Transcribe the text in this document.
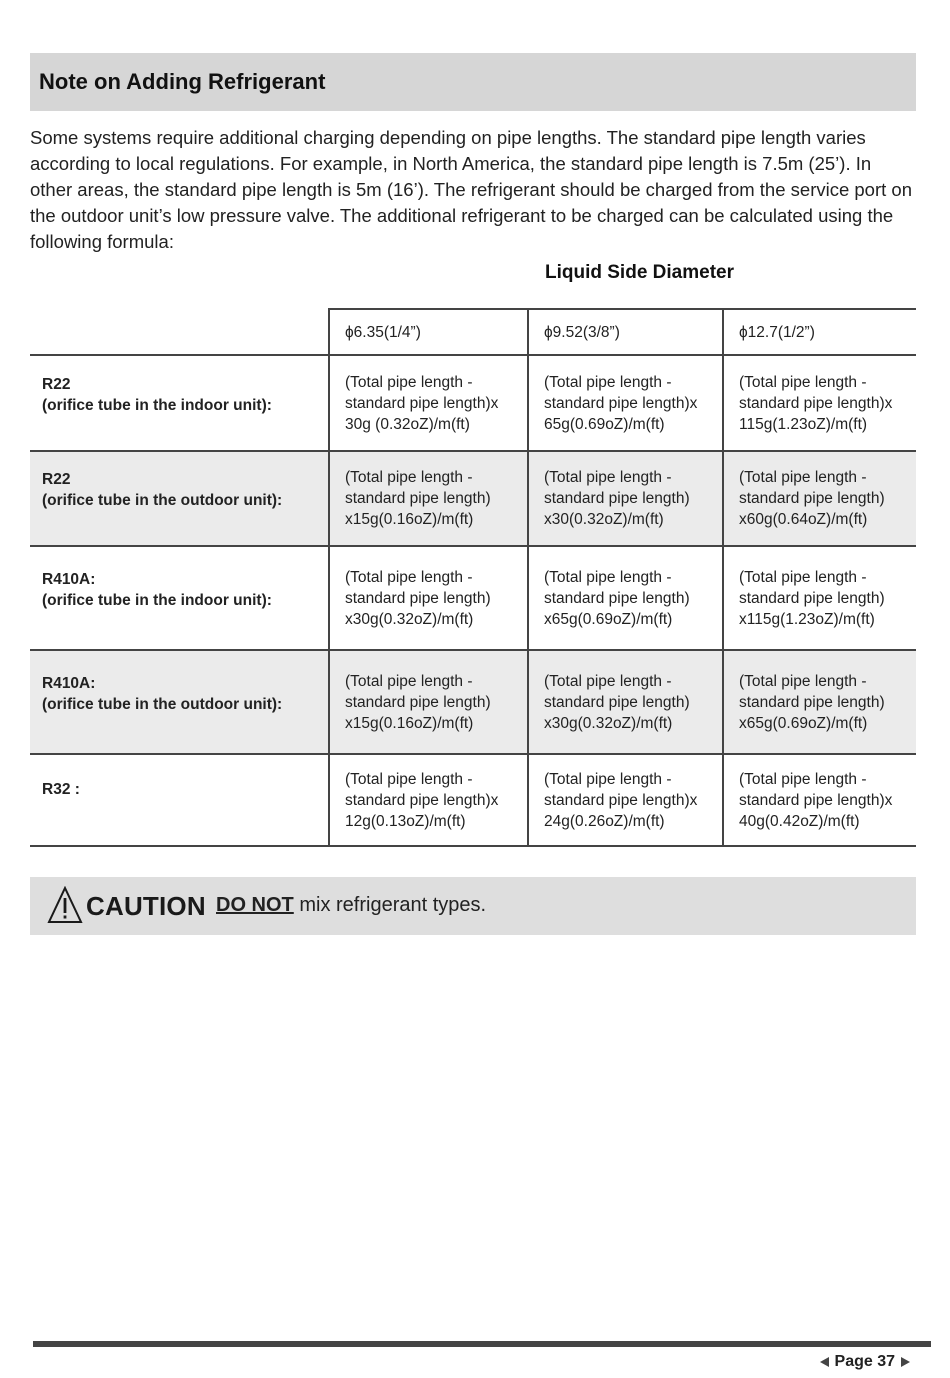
Note on Adding Refrigerant

Some systems require additional charging depending on pipe lengths. The standard pipe length varies according to local regulations. For example, in North America, the standard pipe length is 7.5m (25’). In other areas, the standard pipe length is 5m (16’). The refrigerant should be charged from the service port on the outdoor unit’s low pressure valve. The additional refrigerant to be charged can be calculated using the following formula:

Liquid Side Diameter
	ϕ6.35(1/4”)	ϕ9.52(3/8”)	ϕ12.7(1/2”)

R22
(orifice tube in the indoor unit):	(Total pipe length -
standard pipe length)x
30g (0.32oZ)/m(ft)	(Total pipe length -
standard pipe length)x
65g(0.69oZ)/m(ft)	(Total pipe length -
standard pipe length)x
115g(1.23oZ)/m(ft)

R22
(orifice tube in the outdoor unit):	(Total pipe length -
standard pipe length)
x15g(0.16oZ)/m(ft)	(Total pipe length -
standard pipe length)
x30(0.32oZ)/m(ft)	(Total pipe length -
standard pipe length)
x60g(0.64oZ)/m(ft)

R410A:
(orifice tube in the indoor unit):	(Total pipe length -
standard pipe length)
x30g(0.32oZ)/m(ft)	(Total pipe length -
standard pipe length)
x65g(0.69oZ)/m(ft)	(Total pipe length -
standard pipe length)
x115g(1.23oZ)/m(ft)

R410A:
(orifice tube in the outdoor unit):	(Total pipe length -
standard pipe length)
x15g(0.16oZ)/m(ft)	(Total pipe length -
standard pipe length)
x30g(0.32oZ)/m(ft)	(Total pipe length -
standard pipe length)
x65g(0.69oZ)/m(ft)

R32 :	(Total pipe length -
standard pipe length)x
12g(0.13oZ)/m(ft)	(Total pipe length -
standard pipe length)x
24g(0.26oZ)/m(ft)	(Total pipe length -
standard pipe length)x
40g(0.42oZ)/m(ft)
CAUTION DO NOT mix refrigerant types.
Page 37
